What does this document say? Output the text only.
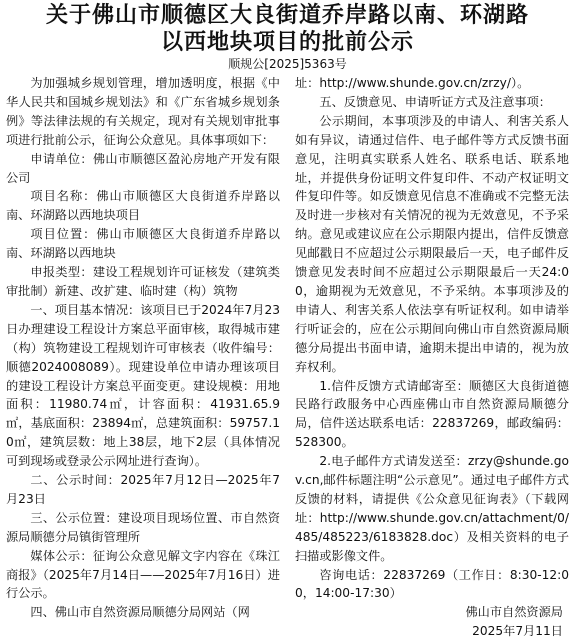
关于佛山市顺德区大良街道乔岸路以南、环湖路
以西地块项目的批前公示
顺规公[2025]5363号

为加强城乡规划管理，增加透明度，根据《中华人民共和国城乡规划法》和《广东省城乡规划条例》等法律法规的有关规定，现对有关规划审批事项进行批前公示，征询公众意见。具体事项如下：

申请单位：佛山市顺德区盈沁房地产开发有限公司

项目名称：佛山市顺德区大良街道乔岸路以南、环湖路以西地块项目

项目位置：佛山市顺德区大良街道乔岸路以南、环湖路以西地块

申报类型：建设工程规划许可证核发（建筑类审批制）新建、改扩建、临时建（构）筑物

一、项目基本情况：该项目已于2024年7月23日办理建设工程设计方案总平面审核，取得城市建（构）筑物建设工程规划许可审核表（收件编号：顺德2024008089）。现建设单位申请办理该项目的建设工程设计方案总平面变更。建设规模：用地面积：11980.74㎡，计容面积：41931.65.9㎡，基底面积：23894㎡，总建筑面积：59757.10㎡，建筑层数：地上38层，地下2层（具体情况可到现场或登录公示网址进行查询）。

二、公示时间：2025年7月12日—2025年7月23日

三、公示位置：建设项目现场位置、市自然资源局顺德分局镇街管理所

媒体公示：征询公众意见解文字内容在《珠江商报》（2025年7月14日——2025年7月16日）进行公示。

四、佛山市自然资源局顺德分局网站（网

址：http://www.shunde.gov.cn/zrzy/）。

五、反馈意见、申请听证方式及注意事项：

公示期间，本事项涉及的申请人、利害关系人如有异议，请通过信件、电子邮件等方式反馈书面意见，注明真实联系人姓名、联系电话、联系地址，并提供身份证明文件复印件、不动产权证明文件复印件等。如反馈意见信息不准确或不完整无法及时进一步核对有关情况的视为无效意见，不予采纳。意见或建议应在公示期限内提出，信件反馈意见邮戳日不应超过公示期限最后一天，电子邮件反馈意见发表时间不应超过公示期限最后一天24:00，逾期视为无效意见，不予采纳。本事项涉及的申请人、利害关系人依法享有听证权利。如申请举行听证会的，应在公示期间向佛山市自然资源局顺德分局提出书面申请，逾期未提出申请的，视为放弃权利。

1.信件反馈方式请邮寄至：顺德区大良街道德民路行政服务中心西座佛山市自然资源局顺德分局，信件送达联系电话：22837269，邮政编码：528300。

2.电子邮件方式请发送至：zrzy@shunde.gov.cn,邮件标题注明“公示意见”。通过电子邮件方式反馈的材料，请提供《公众意见征询表》（下载网址：http://www.shunde.gov.cn/attachment/0/485/485223/6183828.doc）及相关资料的电子扫描或影像文件。

咨询电话：22837269（工作日：8:30-12:00，14:00-17:30）

佛山市自然资源局

2025年7月11日
